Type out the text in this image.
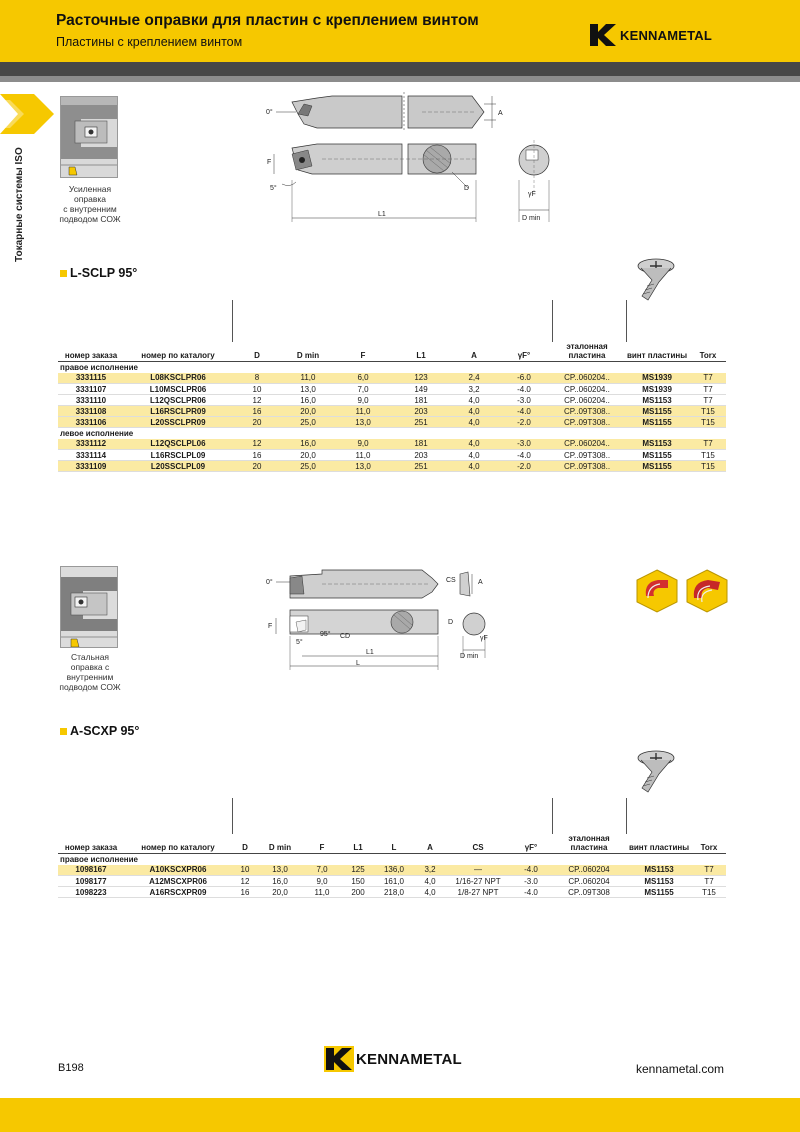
Расточные оправки для пластин с креплением винтом
Пластины с креплением винтом	KENNAMETAL
Токарные системы ISO	Усиленная
оправка
с внутренним
подводом СОЖ
A
0°
F
5°	D
L1
γF
D min
L-SCLP 95°
номер заказа	номер по каталогу	D	D min	F	L1	A	γF°	эталонная пластина	винт пластины	Torx
правое исполнение										
3331115	L08KSCLPR06	8	11,0	6,0	123	2,4	-6.0	CP..060204..	MS1939	T7
3331107	L10MSCLPR06	10	13,0	7,0	149	3,2	-4.0	CP..060204..	MS1939	T7
3331110	L12QSCLPR06	12	16,0	9,0	181	4,0	-3.0	CP..060204..	MS1153	T7
3331108	L16RSCLPR09	16	20,0	11,0	203	4,0	-4.0	CP..09T308..	MS1155	T15
3331106	L20SSCLPR09	20	25,0	13,0	251	4,0	-2.0	CP..09T308..	MS1155	T15
левое исполнение										
3331112	L12QSCLPL06	12	16,0	9,0	181	4,0	-3.0	CP..060204..	MS1153	T7
3331114	L16RSCLPL09	16	20,0	11,0	203	4,0	-4.0	CP..09T308..	MS1155	T15
3331109	L20SSCLPL09	20	25,0	13,0	251	4,0	-2.0	CP..09T308..	MS1155	T15
Стальная
оправка с
внутренним
подводом СОЖ
0°	CS	A
F
95° CD
5°
L1
L
D
γF
D min
A-SCXP 95°
номер заказа	номер по каталогу	D	D min	F	L1	L	A	CS	γF°	эталонная пластина	винт пластины	Torx
правое исполнение												
1098167	A10KSCXPR06	10	13,0	7,0	125	136,0	3,2	—	-4.0	CP..060204	MS1153	T7
1098177	A12MSCXPR06	12	16,0	9,0	150	161,0	4,0	1/16-27 NPT	-3.0	CP..060204	MS1153	T7
1098223	A16RSCXPR09	16	20,0	11,0	200	218,0	4,0	1/8-27 NPT	-4.0	CP..09T308	MS1155	T15
B198
KENNAMETAL
kennametal.com
